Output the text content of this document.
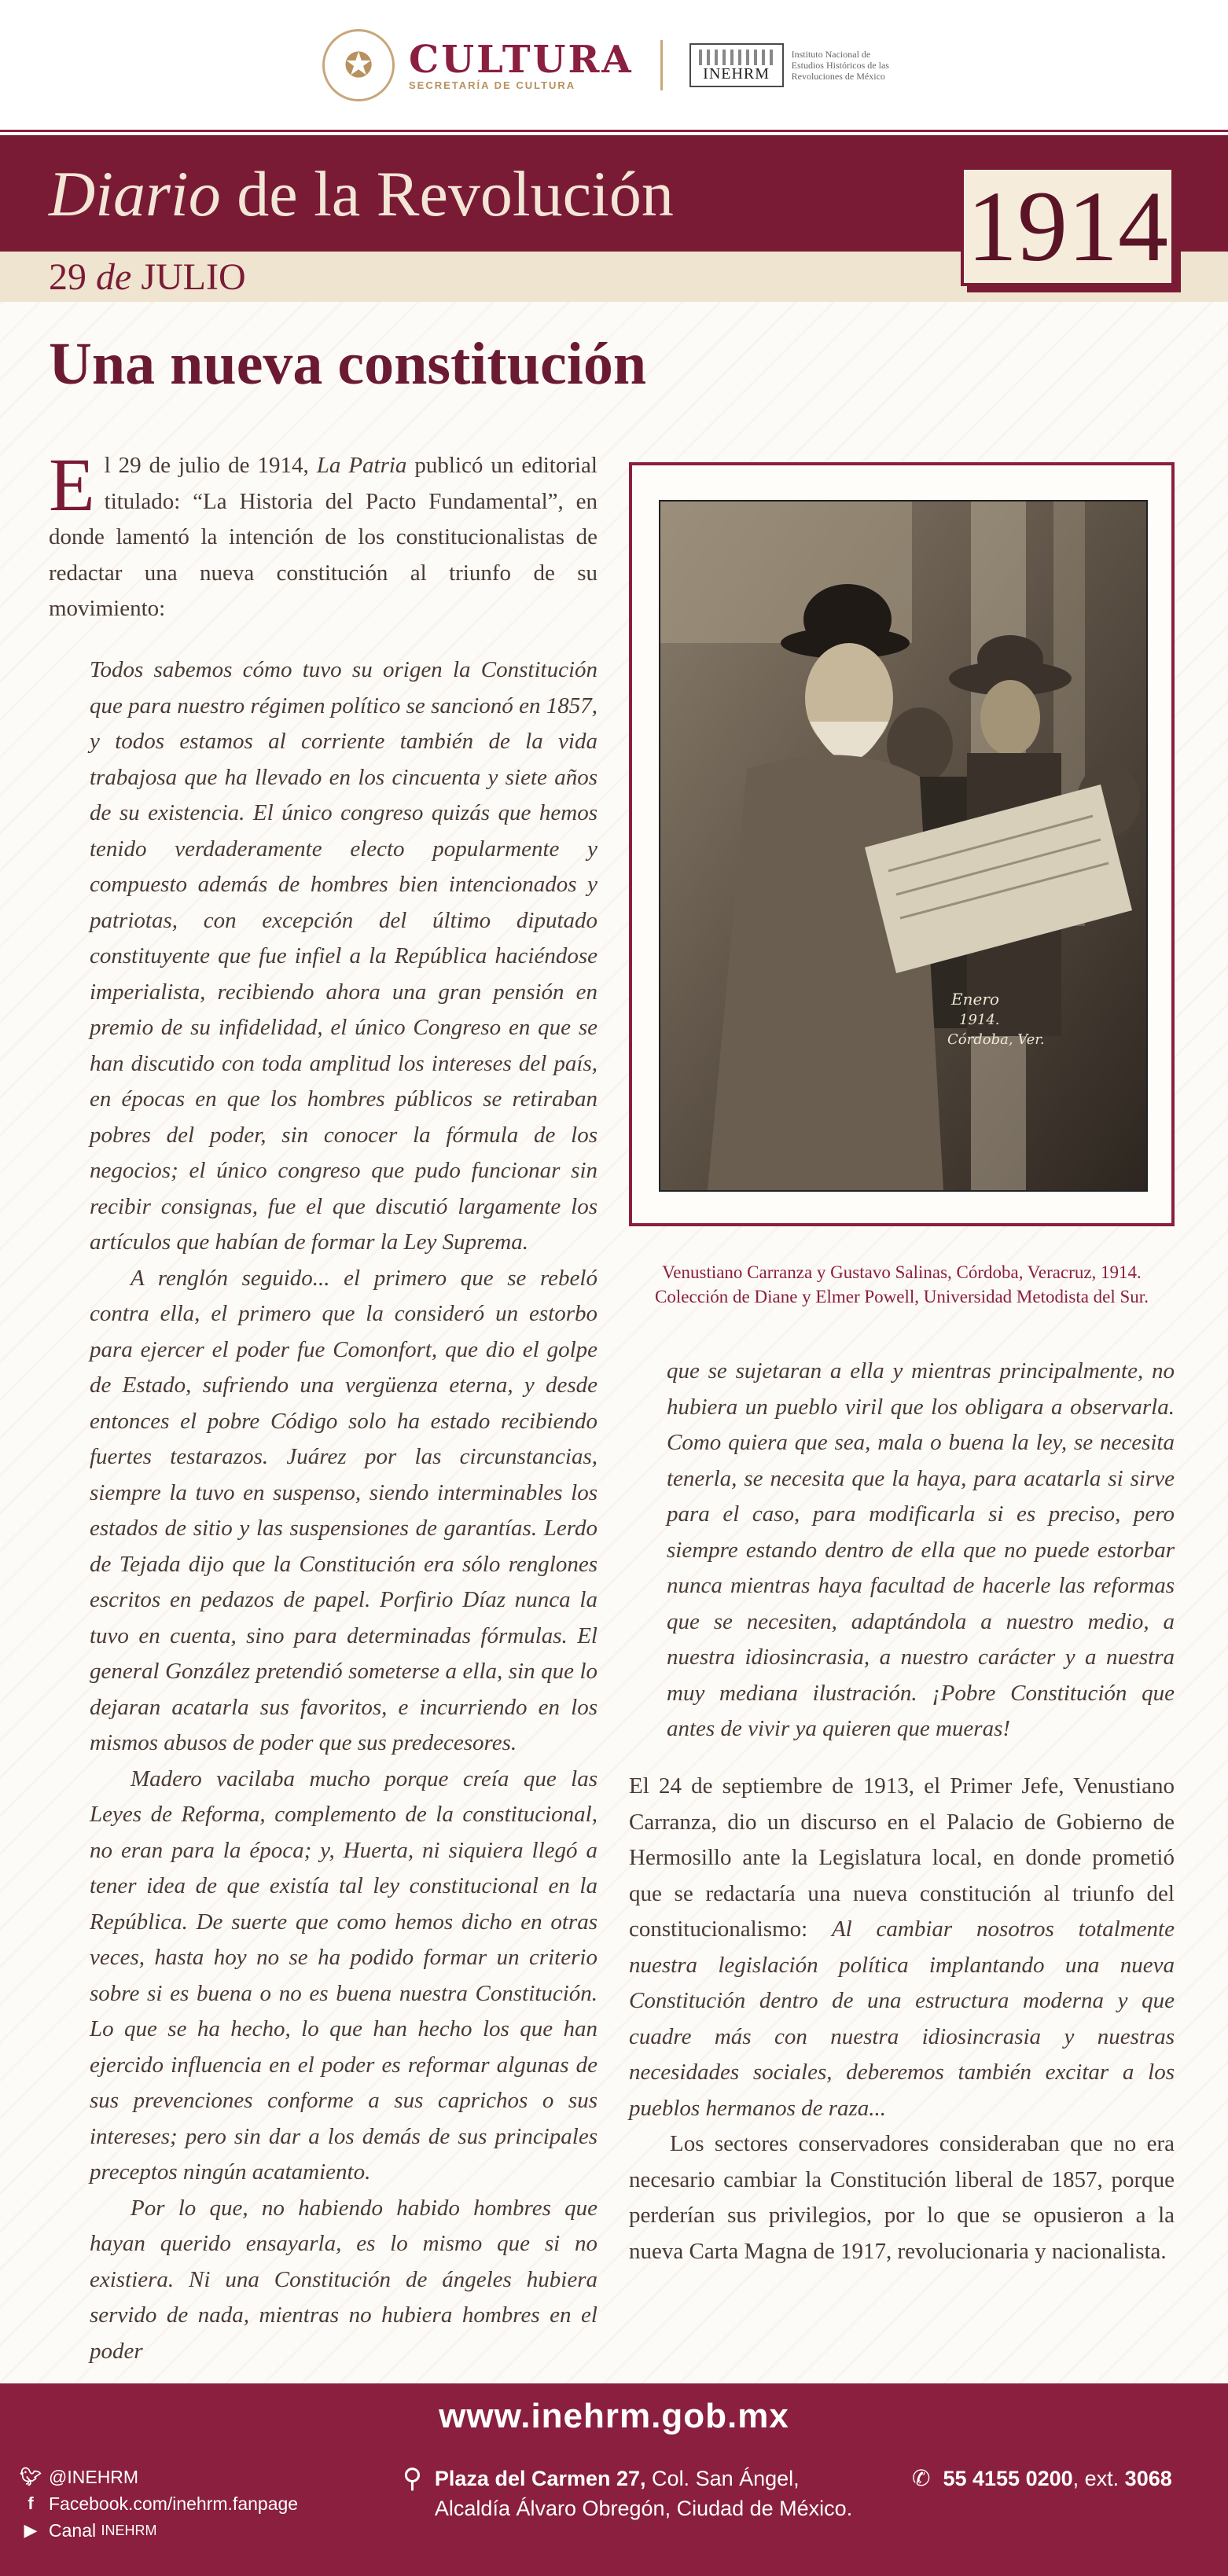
✪ CULTURA
SECRETARÍA DE CULTURA
INEHRM
Instituto Nacional de
Estudios Históricos de las
Revoluciones de México
Diario de la Revolución
29 de JULIO	1914
Una nueva constitución
El 29 de julio de 1914, La Patria publicó un editorial titulado: “La Historia del Pacto Fundamental”, en donde lamentó la intención de los constitucionalistas de redactar una nueva constitución al triunfo de su movimiento:

Todos sabemos cómo tuvo su origen la Constitución que para nuestro régimen político se sancionó en 1857, y todos estamos al corriente también de la vida trabajosa que ha llevado en los cincuenta y siete años de su existencia. El único congreso quizás que hemos tenido verdaderamente electo popularmente y compuesto además de hombres bien intencionados y patriotas, con excepción del último diputado constituyente que fue infiel a la República haciéndose imperialista, recibiendo ahora una gran pensión en premio de su infidelidad, el único Congreso en que se han discutido con toda amplitud los intereses del país, en épocas en que los hombres públicos se retiraban pobres del poder, sin conocer la fórmula de los negocios; el único congreso que pudo funcionar sin recibir consignas, fue el que discutió largamente los artículos que habían de formar la Ley Suprema.

A renglón seguido... el primero que se rebeló contra ella, el primero que la consideró un estorbo para ejercer el poder fue Comonfort, que dio el golpe de Estado, sufriendo una vergüenza eterna, y desde entonces el pobre Código solo ha estado recibiendo fuertes testarazos. Juárez por las circunstancias, siempre la tuvo en suspenso, siendo interminables los estados de sitio y las suspensiones de garantías. Lerdo de Tejada dijo que la Constitución era sólo renglones escritos en pedazos de papel. Porfirio Díaz nunca la tuvo en cuenta, sino para determinadas fórmulas. El general González pretendió someterse a ella, sin que lo dejaran acatarla sus favoritos, e incurriendo en los mismos abusos de poder que sus predecesores.

Madero vacilaba mucho porque creía que las Leyes de Reforma, complemento de la constitucional, no eran para la época; y, Huerta, ni siquiera llegó a tener idea de que existía tal ley constitucional en la República. De suerte que como hemos dicho en otras veces, hasta hoy no se ha podido formar un criterio sobre si es buena o no es buena nuestra Constitución. Lo que se ha hecho, lo que han hecho los que han ejercido influencia en el poder es reformar algunas de sus prevenciones conforme a sus caprichos o sus intereses; pero sin dar a los demás de sus principales preceptos ningún acatamiento.

Por lo que, no habiendo habido hombres que hayan querido ensayarla, es lo mismo que si no existiera. Ni una Constitución de ángeles hubiera servido de nada, mientras no hubiera hombres en el poder

Enero
1914.
Córdoba, Ver.
Venustiano Carranza y Gustavo Salinas, Córdoba, Veracruz, 1914.
Colección de Diane y Elmer Powell, Universidad Metodista del Sur.

que se sujetaran a ella y mientras principalmente, no hubiera un pueblo viril que los obligara a observarla. Como quiera que sea, mala o buena la ley, se necesita tenerla, se necesita que la haya, para acatarla si sirve para el caso, para modificarla si es preciso, pero siempre estando dentro de ella que no puede estorbar nunca mientras haya facultad de hacerle las reformas que se necesiten, adaptándola a nuestro medio, a nuestra idiosincrasia, a nuestro carácter y a nuestra muy mediana ilustración. ¡Pobre Constitución que antes de vivir ya quieren que mueras!

El 24 de septiembre de 1913, el Primer Jefe, Venustiano Carranza, dio un discurso en el Palacio de Gobierno de Hermosillo ante la Legislatura local, en donde prometió que se redactaría una nueva constitución al triunfo del constitucionalismo: Al cambiar nosotros totalmente nuestra legislación política implantando una nueva Constitución dentro de una estructura moderna y que cuadre más con nuestra idiosincrasia y nuestras necesidades sociales, deberemos también excitar a los pueblos hermanos de raza...

Los sectores conservadores consideraban que no era necesario cambiar la Constitución liberal de 1857, porque perderían sus privilegios, por lo que se opusieron a la nueva Carta Magna de 1917, revolucionaria y nacionalista.

www.inehrm.gob.mx
🐦︎ @INEHRM
f Facebook.com/inehrm.fanpage
▶ Canal
INEHRM
⚲ Plaza del Carmen 27, Col. San Ángel,
Alcaldía Álvaro Obregón, Ciudad de México.
✆ 55 4155 0200, ext. 3068
